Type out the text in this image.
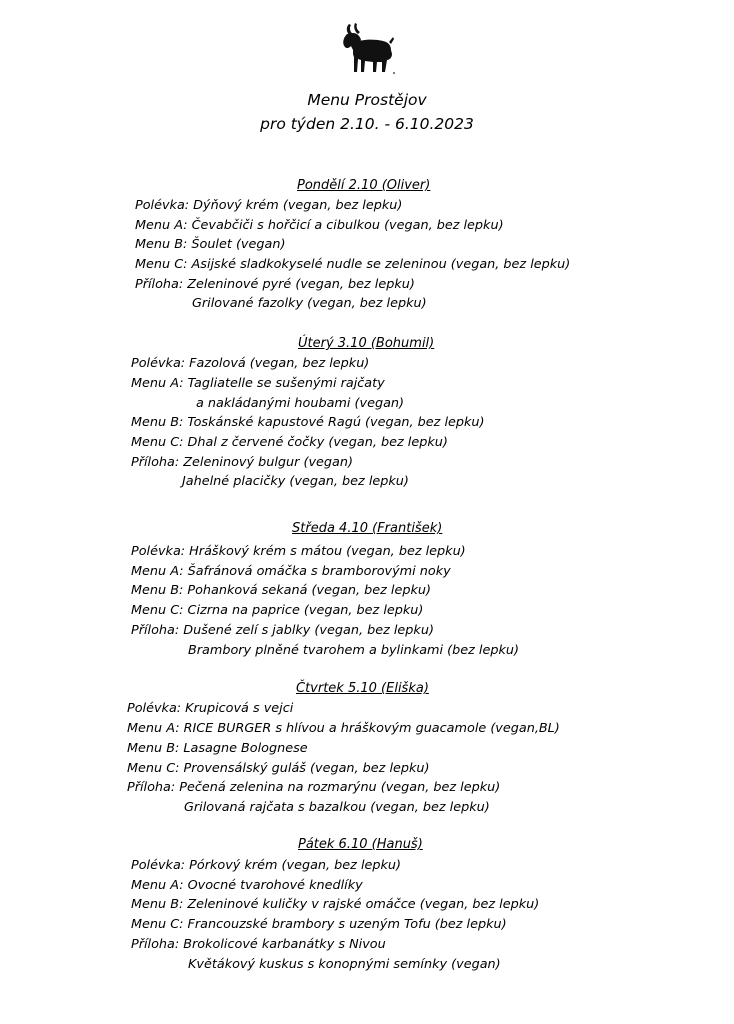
Menu Prostějov
pro týden 2.10. - 6.10.2023
Pondělí 2.10 (Oliver)
Polévka: Dýňový krém (vegan, bez lepku)
Menu A: Čevabčiči s hořčicí a cibulkou (vegan, bez lepku)
Menu B: Šoulet (vegan)
Menu C: Asijské sladkokyselé nudle se zeleninou (vegan, bez lepku)
Příloha: Zeleninové pyré (vegan, bez lepku)
Grilované fazolky (vegan, bez lepku)
Úterý 3.10 (Bohumil)
Polévka: Fazolová (vegan, bez lepku)
Menu A: Tagliatelle se sušenými rajčaty
a nakládanými houbami (vegan)
Menu B: Toskánské kapustové Ragú (vegan, bez lepku)
Menu C: Dhal z červené čočky (vegan, bez lepku)
Příloha: Zeleninový bulgur (vegan)
Jahelné placičky (vegan, bez lepku)
Středa 4.10 (František)
Polévka: Hráškový krém s mátou (vegan, bez lepku)
Menu A: Šafránová omáčka s bramborovými noky
Menu B: Pohanková sekaná (vegan, bez lepku)
Menu C: Cizrna na paprice (vegan, bez lepku)
Příloha: Dušené zelí s jablky (vegan, bez lepku)
Brambory plněné tvarohem a bylinkami (bez lepku)
Čtvrtek 5.10 (Eliška)
Polévka: Krupicová s vejci
Menu A: RICE BURGER s hlívou a hráškovým guacamole (vegan,BL)
Menu B: Lasagne Bolognese
Menu C: Provensálský guláš (vegan, bez lepku)
Příloha: Pečená zelenina na rozmarýnu (vegan, bez lepku)
Grilovaná rajčata s bazalkou (vegan, bez lepku)
Pátek 6.10 (Hanuš)
Polévka: Pórkový krém (vegan, bez lepku)
Menu A: Ovocné tvarohové knedlíky
Menu B: Zeleninové kuličky v rajské omáčce (vegan, bez lepku)
Menu C: Francouzské brambory s uzeným Tofu (bez lepku)
Příloha: Brokolicové karbanátky s Nivou
Květákový kuskus s konopnými semínky (vegan)
